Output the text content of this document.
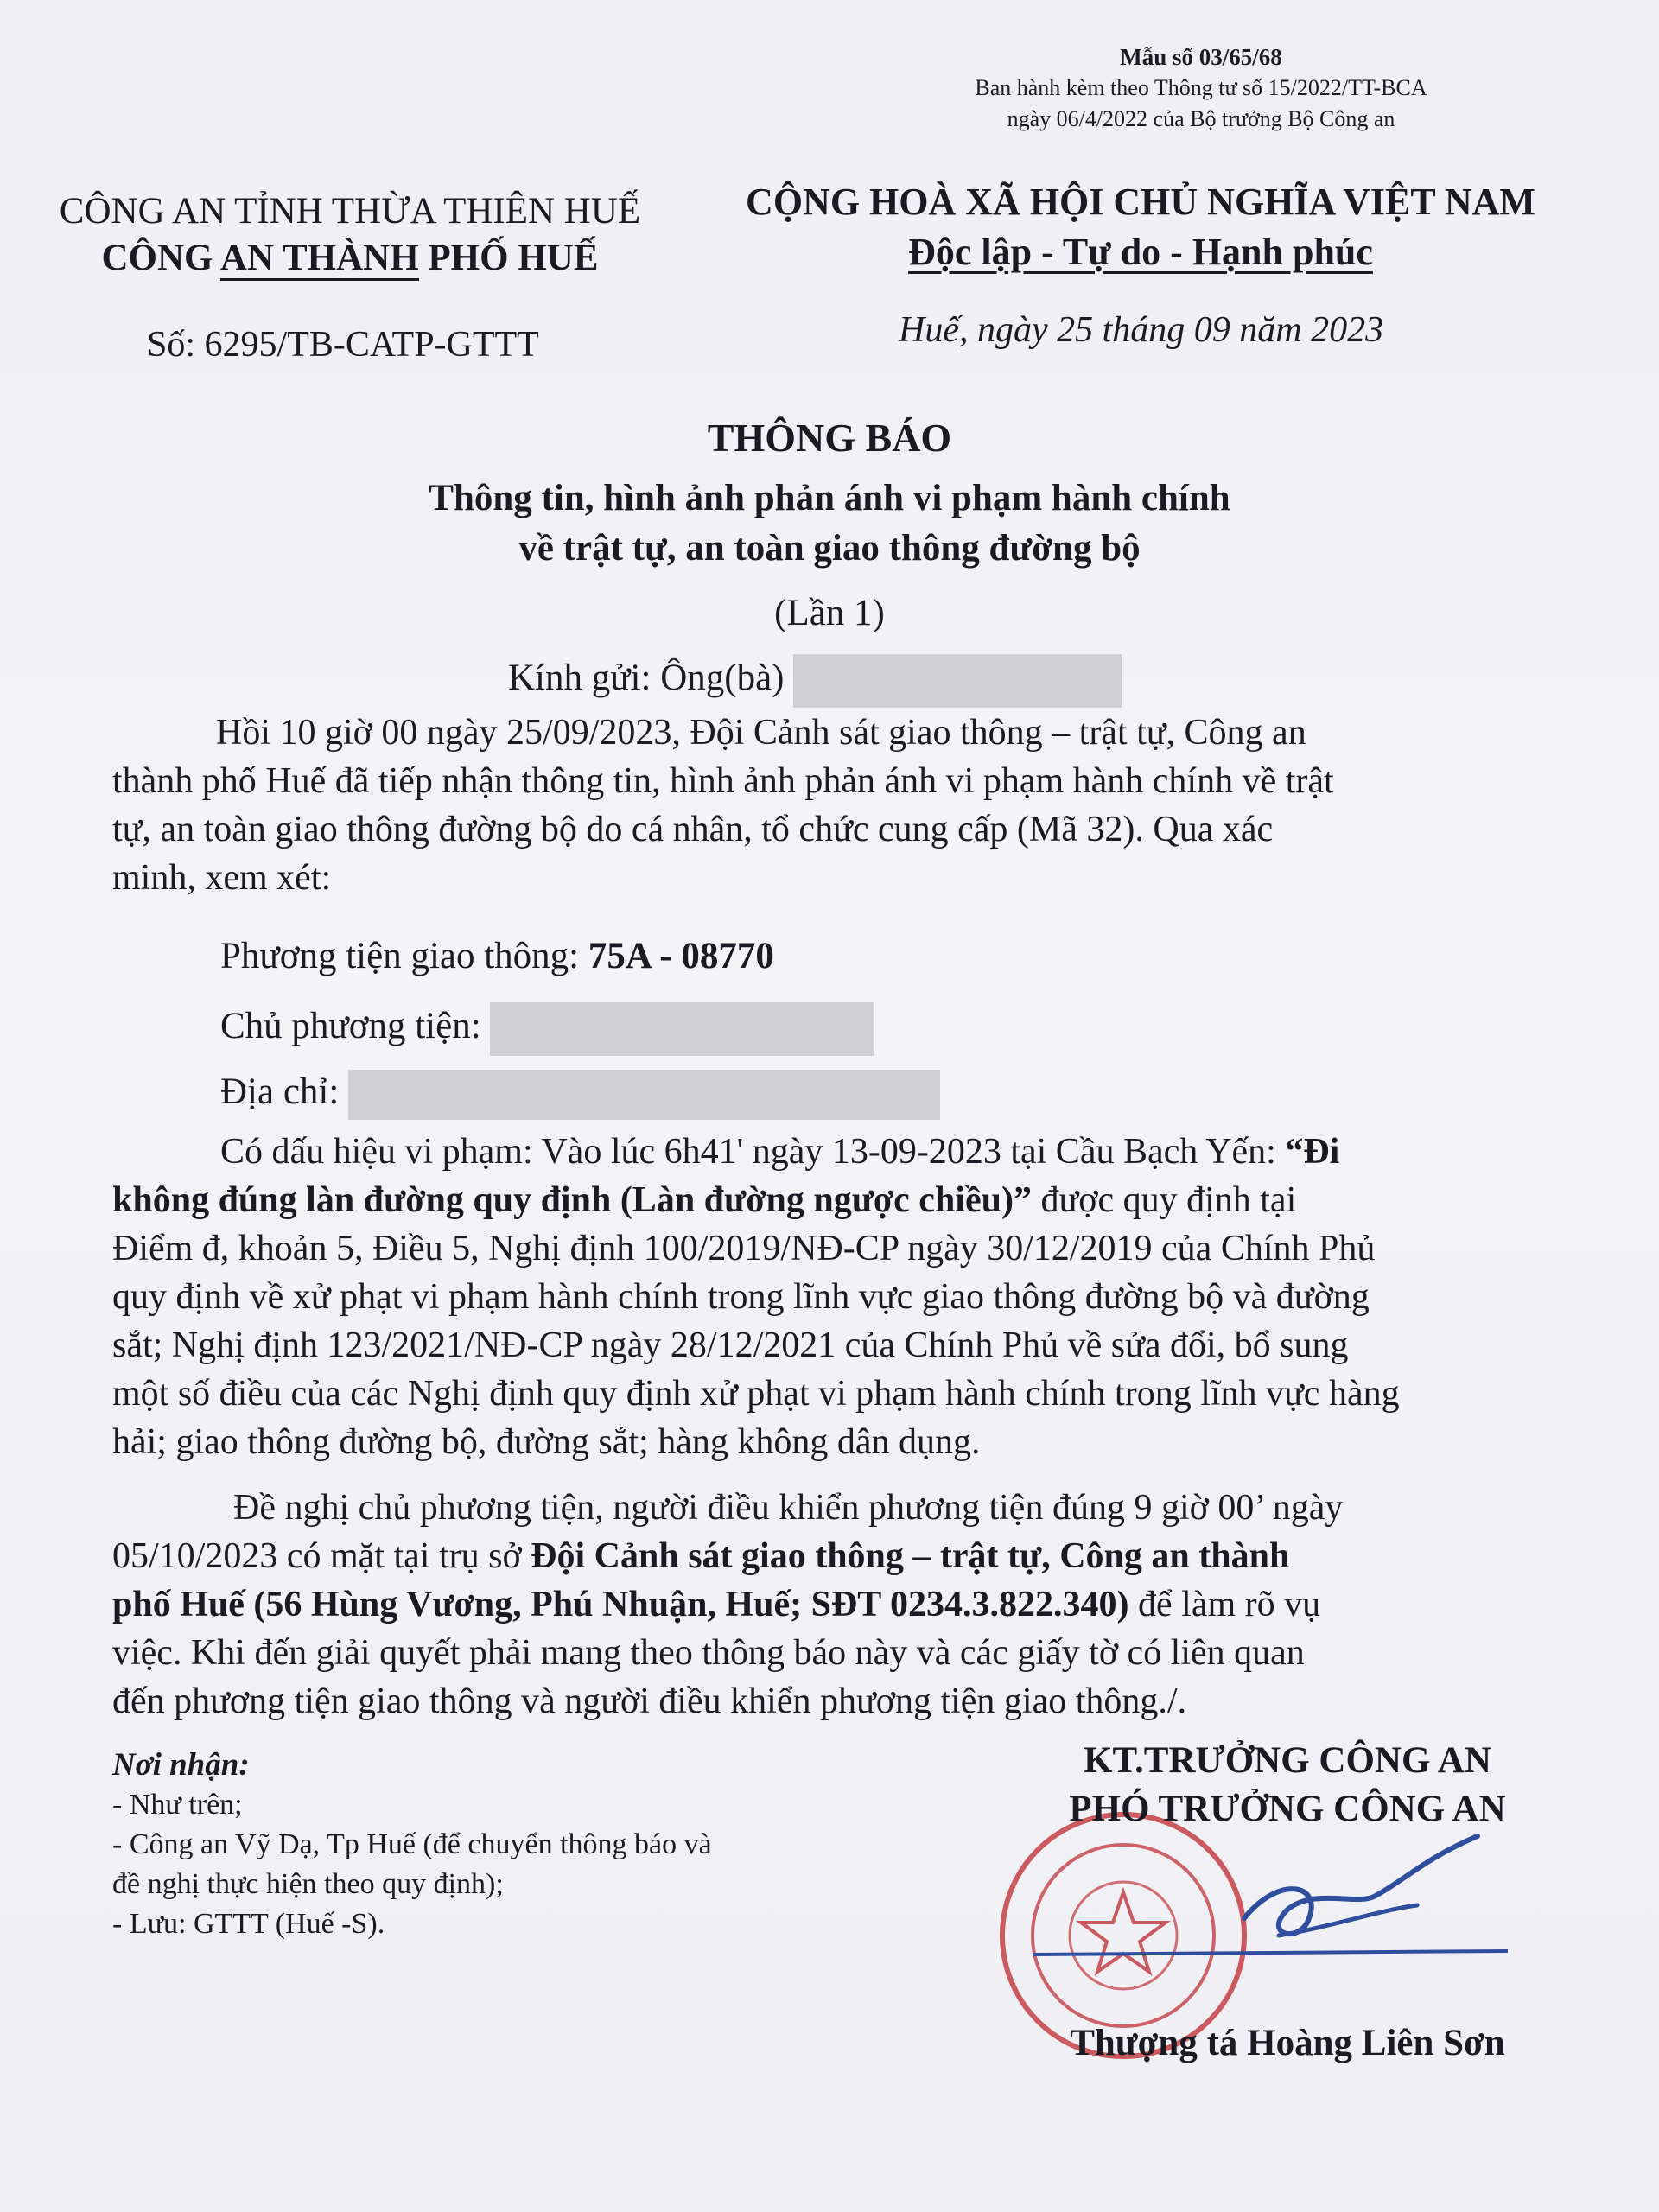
Mẫu số 03/65/68
Ban hành kèm theo Thông tư số 15/2022/TT-BCA
ngày 06/4/2022 của Bộ trưởng Bộ Công an
CÔNG AN TỈNH THỪA THIÊN HUẾ
CÔNG AN THÀNH PHỐ HUẾ
CỘNG HOÀ XÃ HỘI CHỦ NGHĨA VIỆT NAM
Độc lập - Tự do - Hạnh phúc
Số: 6295/TB-CATP-GTTT	Huế, ngày 25 tháng 09 năm 2023
THÔNG BÁO
Thông tin, hình ảnh phản ánh vi phạm hành chính
về trật tự, an toàn giao thông đường bộ
(Lần 1)
Kính gửi: Ông(bà)
Hồi 10 giờ 00 ngày 25/09/2023, Đội Cảnh sát giao thông – trật tự, Công an
thành phố Huế đã tiếp nhận thông tin, hình ảnh phản ánh vi phạm hành chính về trật
tự, an toàn giao thông đường bộ do cá nhân, tổ chức cung cấp (Mã 32). Qua xác
minh, xem xét:
Phương tiện giao thông: 75A - 08770
Chủ phương tiện:
Địa chỉ:
Có dấu hiệu vi phạm: Vào lúc 6h41' ngày 13-09-2023 tại Cầu Bạch Yến: “Đi
không đúng làn đường quy định (Làn đường ngược chiều)” được quy định tại
Điểm đ, khoản 5, Điều 5, Nghị định 100/2019/NĐ-CP ngày 30/12/2019 của Chính Phủ
quy định về xử phạt vi phạm hành chính trong lĩnh vực giao thông đường bộ và đường
sắt; Nghị định 123/2021/NĐ-CP ngày 28/12/2021 của Chính Phủ về sửa đổi, bổ sung
một số điều của các Nghị định quy định xử phạt vi phạm hành chính trong lĩnh vực hàng
hải; giao thông đường bộ, đường sắt; hàng không dân dụng.
Đề nghị chủ phương tiện, người điều khiển phương tiện đúng 9 giờ 00’ ngày
05/10/2023 có mặt tại trụ sở Đội Cảnh sát giao thông – trật tự, Công an thành
phố Huế (56 Hùng Vương, Phú Nhuận, Huế; SĐT 0234.3.822.340) để làm rõ vụ
việc. Khi đến giải quyết phải mang theo thông báo này và các giấy tờ có liên quan
đến phương tiện giao thông và người điều khiển phương tiện giao thông./.
Nơi nhận:
- Như trên;
- Công an Vỹ Dạ, Tp Huế (để chuyển thông báo và
đề nghị thực hiện theo quy định);
- Lưu: GTTT (Huế -S).
KT.TRƯỞNG CÔNG AN
PHÓ TRƯỞNG CÔNG AN
Thượng tá Hoàng Liên Sơn
